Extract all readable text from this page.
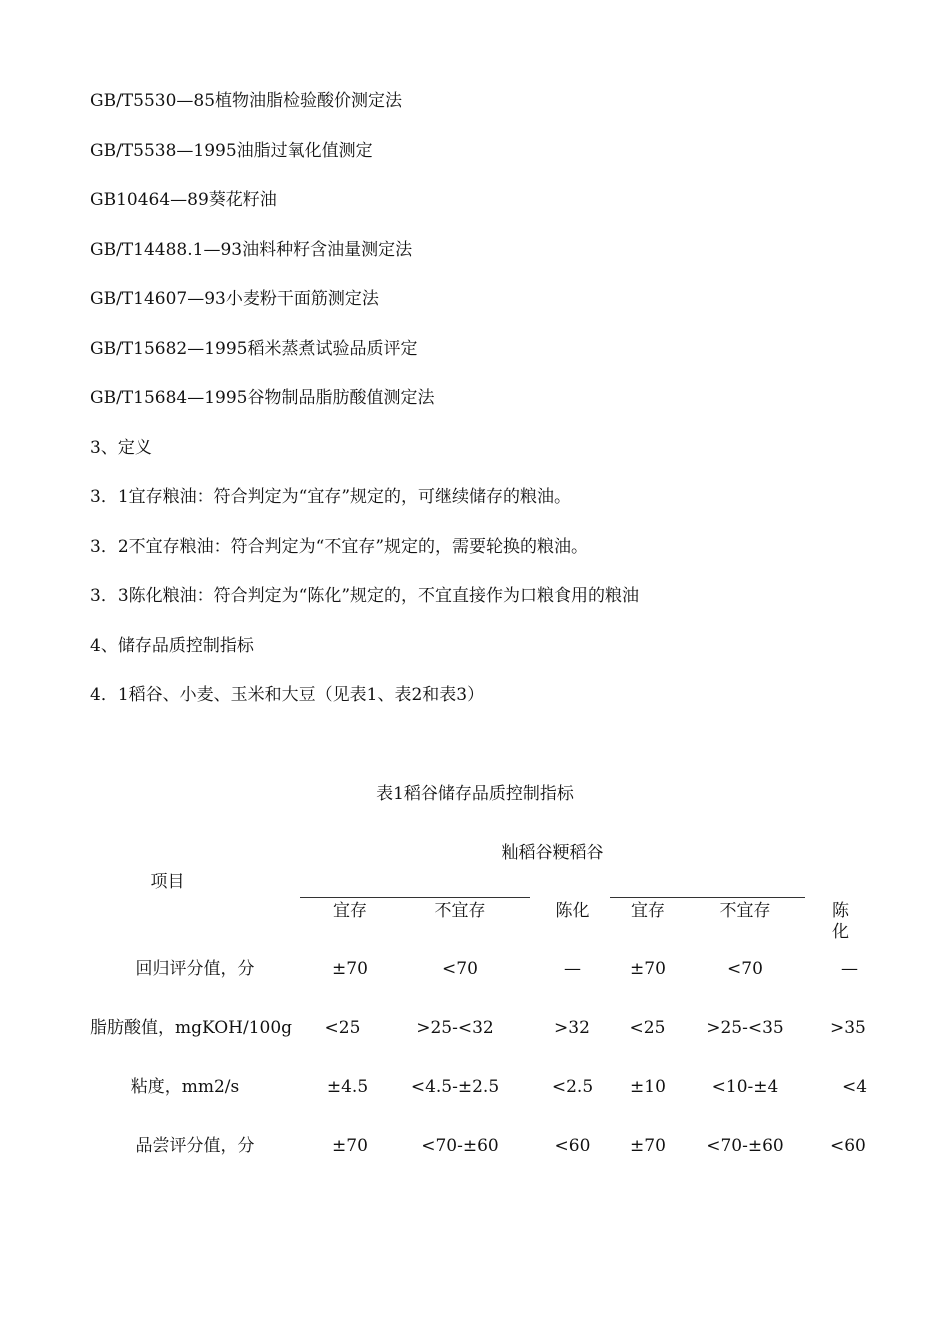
GB/T5530—85植物油脂检验酸价测定法
GB/T5538—1995油脂过氧化值测定
GB10464—89葵花籽油
GB/T14488.1—93油料种籽含油量测定法
GB/T14607—93小麦粉干面筋测定法
GB/T15682—1995稻米蒸煮试验品质评定
GB/T15684—1995谷物制品脂肪酸值测定法
3、定义
3．1宜存粮油：符合判定为“宜存”规定的，可继续储存的粮油。
3．2不宜存粮油：符合判定为“不宜存”规定的，需要轮换的粮油。
3．3陈化粮油：符合判定为“陈化”规定的，不宜直接作为口粮食用的粮油
4、储存品质控制指标
4．1稻谷、小麦、玉米和大豆（见表1、表2和表3）
表1稻谷储存品质控制指标
籼稻谷粳稻谷
项目
宜存	不宜存	陈化	宜存	不宜存	陈化
回归评分值，分	±70	<70	—	±70	<70	—
脂肪酸值，mgKOH/100g <25	>25-<32	>32 <25	>25-<35	>35
粘度，mm2/s	±4.5	<4.5-±2.5	<2.5	±10	<10-±4	<4
品尝评分值，分	±70	<70-±60	<60	±70	<70-±60	<60
